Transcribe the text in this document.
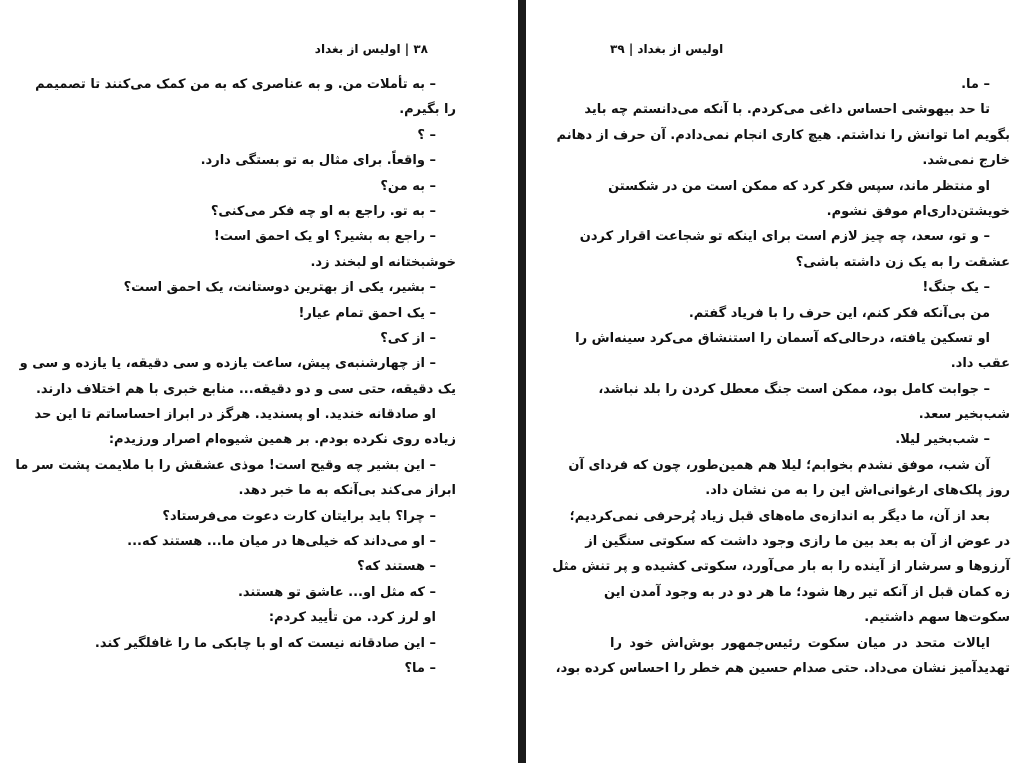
۳۸ | اولیس از بغداد
– به تأملات من. و به عناصری که به من کمک می‌کنند تا تصمیمم
را بگیرم.
– ؟
– واقعاً. برای مثال به تو بستگی دارد.
– به من؟
– به تو. راجع به او چه فکر می‌کنی؟
– راجع به بشیر؟ او یک احمق است!
خوشبختانه او لبخند زد.
– بشیر، یکی از بهترین دوستانت، یک احمق است؟
– یک احمق تمام عیار!
– از کی؟
– از چهارشنبه‌ی پیش، ساعت یازده و سی دقیقه، یا یازده و سی و
یک دقیقه، حتی سی و دو دقیقه... منابع خبری با هم اختلاف دارند.
او صادقانه خندید. او پسندید. هرگز در ابراز احساساتم تا این حد
زیاده روی نکرده بودم. بر همین شیوه‌ام اصرار ورزیدم:
– این بشیر چه وقیح است! موذی عشقش را با ملایمت پشت سر ما
ابراز می‌کند بی‌آنکه به ما خبر دهد.
– چرا؟ باید برایتان کارت دعوت می‌فرستاد؟
– او می‌داند که خیلی‌ها در میان ما... هستند که...
– هستند که؟
– که مثل او... عاشق تو هستند.
او لرز کرد. من تأیید کردم:
– این صادقانه نیست که او با چابکی ما را غافلگیر کند.
– ما؟
اولیس از بغداد | ۳۹
– ما.
تا حد بیهوشی احساس داغی می‌کردم. با آنکه می‌دانستم چه باید
بگویم اما توانش را نداشتم. هیچ کاری انجام نمی‌دادم. آن حرف از دهانم
خارج نمی‌شد.
او منتظر ماند، سپس فکر کرد که ممکن است من در شکستن
خویشتن‌داری‌ام موفق نشوم.
– و تو، سعد، چه چیز لازم است برای اینکه تو شجاعت اقرار کردن
عشقت را به یک زن داشته باشی؟
– یک جنگ!
من بی‌آنکه فکر کنم، این حرف را با فریاد گفتم.
او تسکین یافته، درحالی‌که آسمان را استنشاق می‌کرد سینه‌اش را
عقب داد.
– جوابت کامل بود، ممکن است جنگ معطل کردن را بلد نباشد،
شب‌بخیر سعد.
– شب‌بخیر لیلا.
آن شب، موفق نشدم بخوابم؛ لیلا هم همین‌طور، چون که فردای آن
روز پلک‌های ارغوانی‌اش این را به من نشان داد.
بعد از آن، ما دیگر به اندازه‌ی ماه‌های قبل زیاد پُرحرفی نمی‌کردیم؛
در عوض از آن به بعد بین ما رازی وجود داشت که سکوتی سنگین از
آرزوها و سرشار از آینده را به بار می‌آورد، سکوتی کشیده و پر تنش مثل
زه کمان قبل از آنکه تیر رها شود؛ ما هر دو در به وجود آمدن این
سکوت‌ها سهم داشتیم.
ایالات متحد در میان سکوت رئیس‌جمهور بوش‌اش خود را
تهدیدآمیز نشان می‌داد. حتی صدام حسین هم خطر را احساس کرده بود،
